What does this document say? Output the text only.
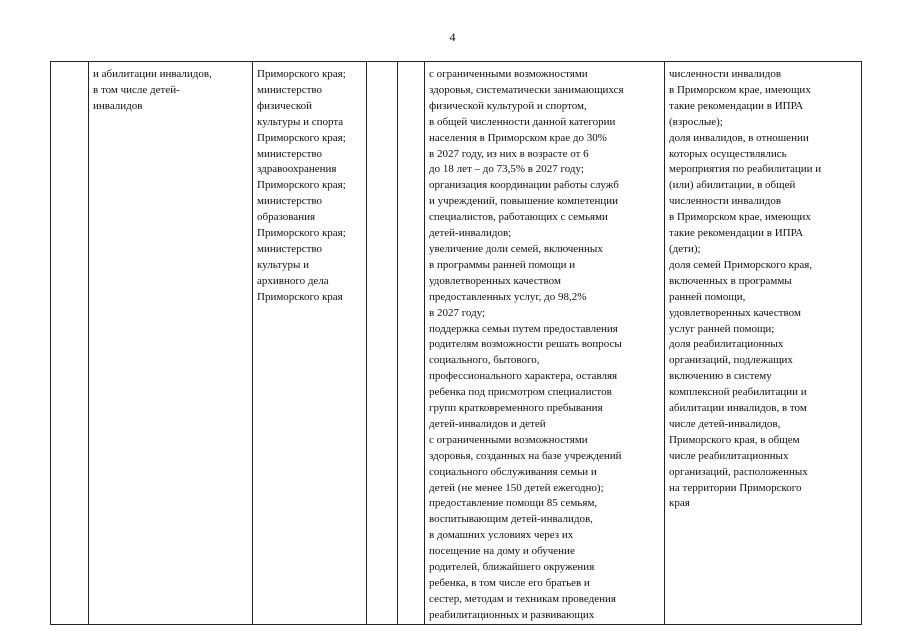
4

и абилитации инвалидов,
в том числе детей-
инвалидов

Приморского края;
министерство
физической
культуры и спорта
Приморского края;
министерство
здравоохранения
Приморского края;
министерство
образования
Приморского края;
министерство
культуры и
архивного дела
Приморского края

с ограниченными возможностями
здоровья, систематически занимающихся
физической культурой и спортом,
в общей численности данной категории
населения в Приморском крае до 30%
в 2027 году, из них в возрасте от 6
до 18 лет – до 73,5% в 2027 году;
организация координации работы служб
и учреждений, повышение компетенции
специалистов, работающих с семьями
детей-инвалидов;
увеличение доли семей, включенных
в программы ранней помощи и
удовлетворенных качеством
предоставленных услуг, до 98,2%
в 2027 году;
поддержка семьи путем предоставления
родителям возможности решать вопросы
социального, бытового,
профессионального характера, оставляя
ребенка под присмотром специалистов
групп кратковременного пребывания
детей-инвалидов и детей
с ограниченными возможностями
здоровья, созданных на базе учреждений
социального обслуживания семьи и
детей (не менее 150 детей ежегодно);
предоставление помощи 85 семьям,
воспитывающим детей-инвалидов,
в домашних условиях через их
посещение на дому и обучение
родителей, ближайшего окружения
ребенка, в том числе его братьев и
сестер, методам и техникам проведения
реабилитационных и развивающих

численности инвалидов
в Приморском крае, имеющих
такие рекомендации в ИПРА
(взрослые);
доля инвалидов, в отношении
которых осуществлялись
мероприятия по реабилитации и
(или) абилитации, в общей
численности инвалидов
в Приморском крае, имеющих
такие рекомендации в ИПРА
(дети);
доля семей Приморского края,
включенных в программы
ранней помощи,
удовлетворенных качеством
услуг ранней помощи;
доля реабилитационных
организаций, подлежащих
включению в систему
комплексной реабилитации и
абилитации инвалидов, в том
числе детей-инвалидов,
Приморского края, в общем
числе реабилитационных
организаций, расположенных
на территории Приморского
края
